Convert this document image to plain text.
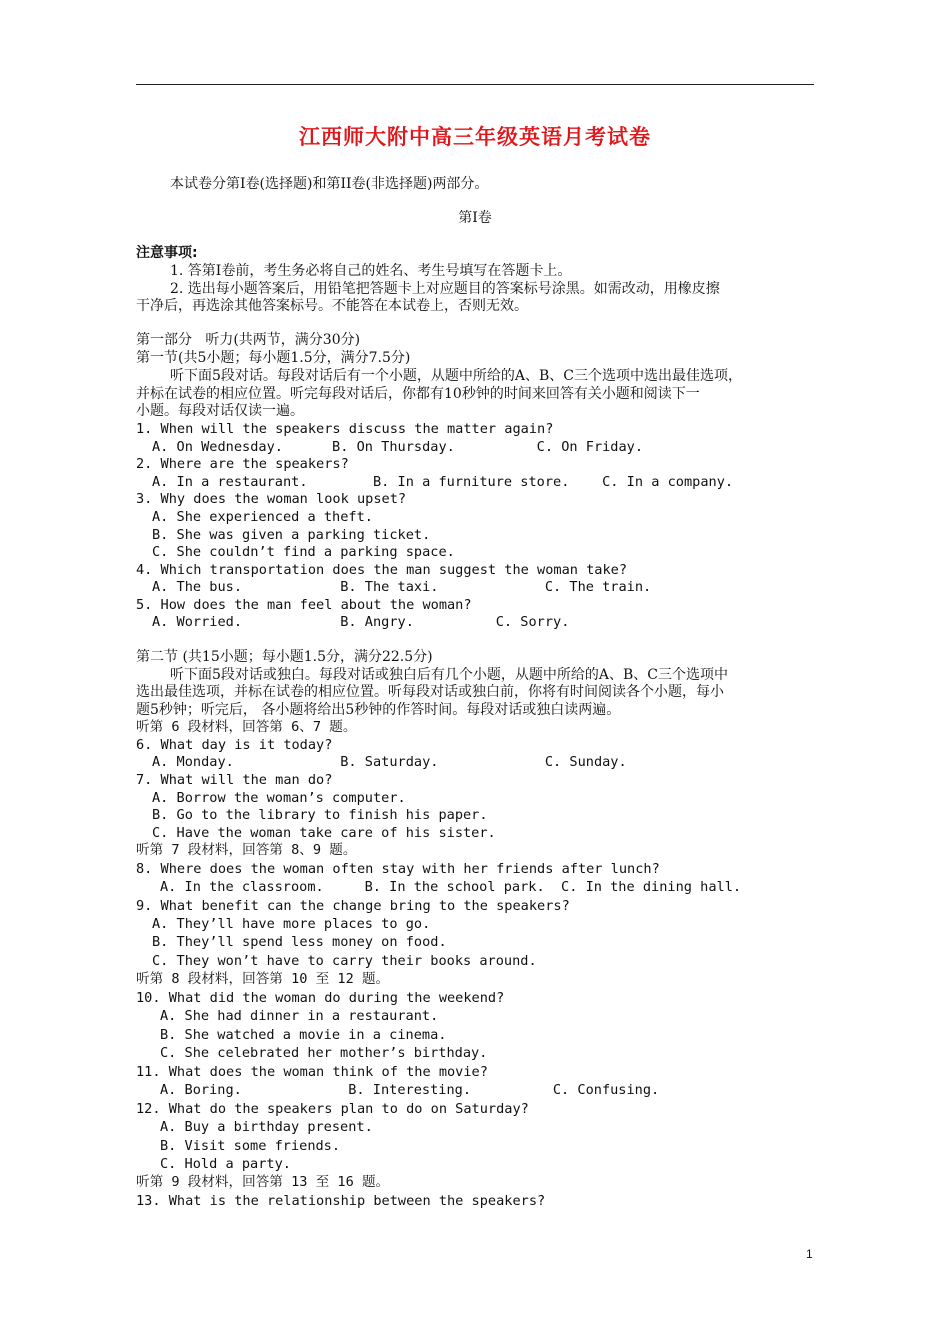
江西师大附中高三年级英语月考试卷
本试卷分第I卷(选择题)和第II卷(非选择题)两部分。
第I卷
注意事项:
1. 答第I卷前，考生务必将自己的姓名、考生号填写在答题卡上。
2. 选出每小题答案后，用铅笔把答题卡上对应题目的答案标号涂黑。如需改动，用橡皮擦
干净后，再选涂其他答案标号。不能答在本试卷上，否则无效。
第一部分   听力(共两节，满分30分)
第一节(共5小题；每小题1.5分，满分7.5分)
听下面5段对话。每段对话后有一个小题，从题中所给的A、B、C三个选项中选出最佳选项，
并标在试卷的相应位置。听完每段对话后，你都有10秒钟的时间来回答有关小题和阅读下一
小题。每段对话仅读一遍。
1. When will the speakers discuss the matter again?
A. On Wednesday.      B. On Thursday.          C. On Friday.
2. Where are the speakers?
A. In a restaurant.        B. In a furniture store.    C. In a company.
3. Why does the woman look upset?
A. She experienced a theft.
B. She was given a parking ticket.
C. She couldn’t find a parking space.
4. Which transportation does the man suggest the woman take?
A. The bus.            B. The taxi.             C. The train.
5. How does the man feel about the woman?
A. Worried.            B. Angry.          C. Sorry.
第二节 (共15小题；每小题1.5分，满分22.5分)
听下面5段对话或独白。每段对话或独白后有几个小题，从题中所给的A、B、C三个选项中
选出最佳选项，并标在试卷的相应位置。听每段对话或独白前，你将有时间阅读各个小题，每小
题5秒钟；听完后， 各小题将给出5秒钟的作答时间。每段对话或独白读两遍。
听第 6 段材料，回答第 6、7 题。
6. What day is it today?
A. Monday.             B. Saturday.             C. Sunday.
7. What will the man do?
A. Borrow the woman’s computer.
B. Go to the library to finish his paper.
C. Have the woman take care of his sister.
听第 7 段材料，回答第 8、9 题。
8. Where does the woman often stay with her friends after lunch?
A. In the classroom.     B. In the school park.  C. In the dining hall.
9. What benefit can the change bring to the speakers?
A. They’ll have more places to go.
B. They’ll spend less money on food.
C. They won’t have to carry their books around.
听第 8 段材料，回答第 10 至 12 题。
10. What did the woman do during the weekend?
A. She had dinner in a restaurant.
B. She watched a movie in a cinema.
C. She celebrated her mother’s birthday.
11. What does the woman think of the movie?
A. Boring.             B. Interesting.          C. Confusing.
12. What do the speakers plan to do on Saturday?
A. Buy a birthday present.
B. Visit some friends.
C. Hold a party.
听第 9 段材料，回答第 13 至 16 题。
13. What is the relationship between the speakers?
1
